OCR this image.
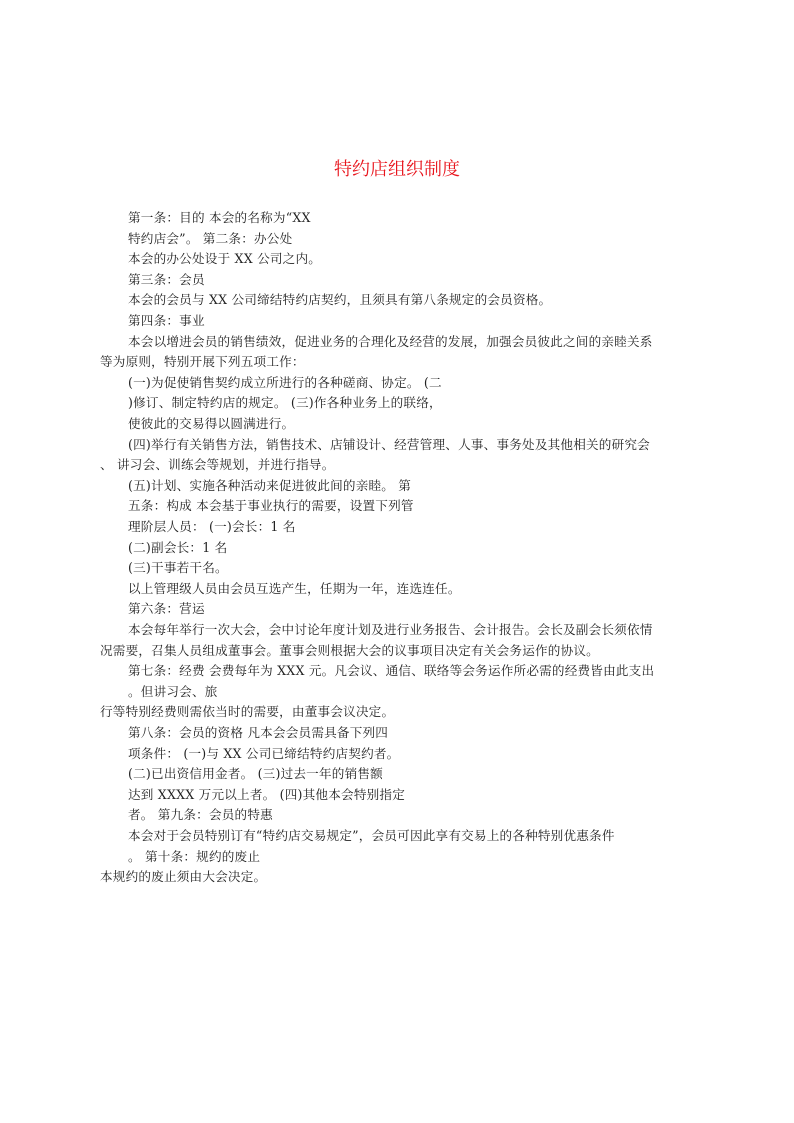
特约店组织制度
第一条：目的 本会的名称为“XX
特约店会”。 第二条：办公处
本会的办公处设于 XX 公司之内。
第三条：会员
本会的会员与 XX 公司缔结特约店契约，且须具有第八条规定的会员资格。
第四条：事业
本会以增进会员的销售绩效，促进业务的合理化及经营的发展，加强会员彼此之间的亲睦关系
等为原则，特别开展下列五项工作：
(一)为促使销售契约成立所进行的各种磋商、协定。 (二
)修订、制定特约店的规定。 (三)作各种业务上的联络，
使彼此的交易得以圆满进行。
(四)举行有关销售方法，销售技术、店铺设计、经营管理、人事、事务处及其他相关的研究会
、 讲习会、训练会等规划，并进行指导。
(五)计划、实施各种活动来促进彼此间的亲睦。 第
五条：构成 本会基于事业执行的需要，设置下列管
理阶层人员： (一)会长：1 名
(二)副会长：1 名
(三)干事若干名。
以上管理级人员由会员互选产生，任期为一年，连选连任。
第六条：营运
本会每年举行一次大会，会中讨论年度计划及进行业务报告、会计报告。会长及副会长须依情
况需要，召集人员组成董事会。董事会则根据大会的议事项目决定有关会务运作的协议。
第七条：经费 会费每年为 XXX 元。凡会议、通信、联络等会务运作所必需的经费皆由此支出
。但讲习会、旅
行等特别经费则需依当时的需要，由董事会议决定。
第八条：会员的资格 凡本会会员需具备下列四
项条件： (一)与 XX 公司已缔结特约店契约者。
(二)已出资信用金者。 (三)过去一年的销售额
达到 XXXX 万元以上者。 (四)其他本会特别指定
者。 第九条：会员的特惠
本会对于会员特别订有“特约店交易规定”，会员可因此享有交易上的各种特别优惠条件
。 第十条：规约的废止
本规约的废止须由大会决定。
